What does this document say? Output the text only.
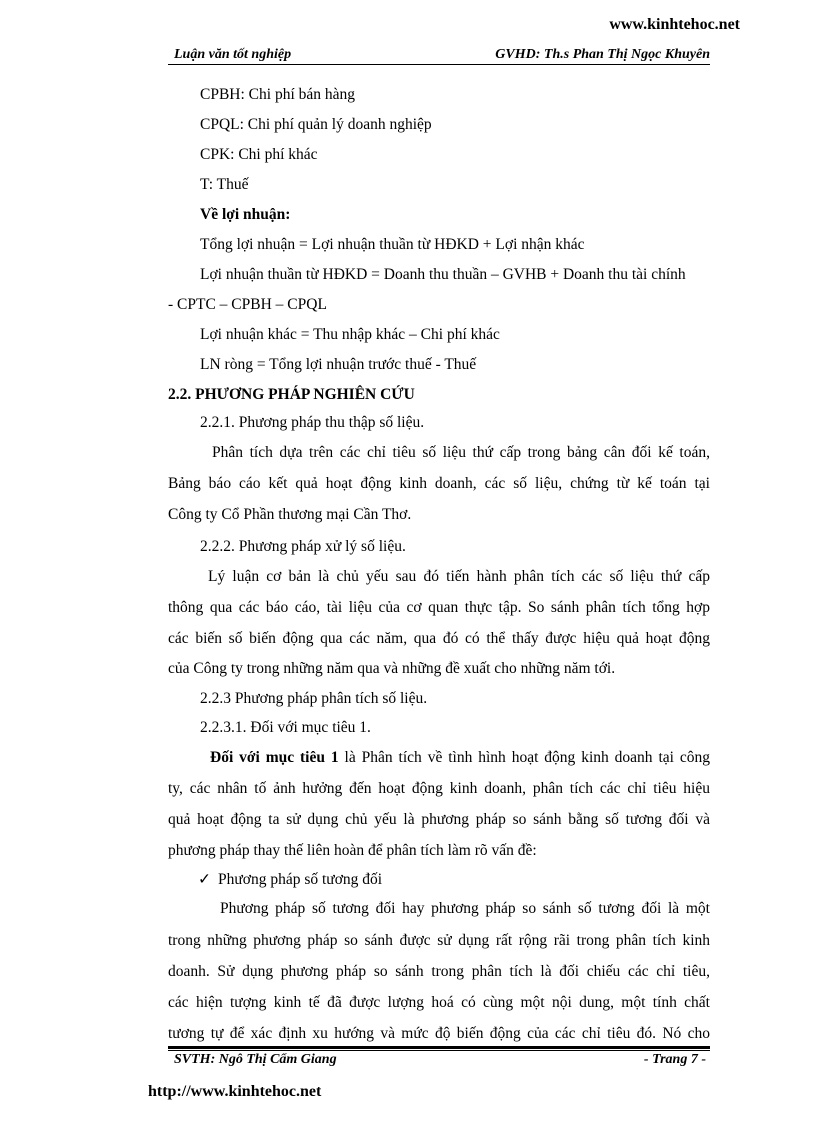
www.kinhtehoc.net
Luận văn tốt nghiệp	GVHD: Th.s Phan Thị Ngọc Khuyên
CPBH: Chi phí bán hàng
CPQL: Chi phí quản lý doanh nghiệp
CPK: Chi phí khác
T: Thuế
Về lợi nhuận:
Tổng lợi nhuận = Lợi nhuận thuần từ HĐKD + Lợi nhận khác
Lợi nhuận thuần từ HĐKD = Doanh thu thuần – GVHB + Doanh thu tài chính
- CPTC – CPBH – CPQL
Lợi nhuận khác = Thu nhập khác – Chi phí khác
LN ròng = Tổng lợi nhuận trước thuế - Thuế
2.2. PHƯƠNG PHÁP NGHIÊN CỨU
2.2.1. Phương pháp thu thập số liệu.
Phân tích dựa trên các chỉ tiêu số liệu thứ cấp trong bảng cân đối kế toán,
Bảng báo cáo kết quả hoạt động kinh doanh, các số liệu, chứng từ kế toán tại
Công ty Cổ Phần thương mại Cần Thơ.
2.2.2. Phương pháp xử lý số liệu.
Lý luận cơ bản là chủ yếu sau đó tiến hành phân tích các số liệu thứ cấp
thông qua các báo cáo, tài liệu của cơ quan thực tập. So sánh phân tích tổng hợp
các biến số biến động qua các năm, qua đó có thể thấy được hiệu quả hoạt động
của Công ty trong những năm qua và những đề xuất cho những năm tới.
2.2.3 Phương pháp phân tích số liệu.
2.2.3.1. Đối với mục tiêu 1.
Đối với mục tiêu 1 là Phân tích về tình hình hoạt động kinh doanh tại công
ty, các nhân tố ảnh hưởng đến hoạt động kinh doanh, phân tích các chỉ tiêu hiệu
quả hoạt động ta sử dụng chủ yếu là phương pháp so sánh bằng số tương đối và
phương pháp thay thế liên hoàn để phân tích làm rõ vấn đề:
✓ Phương pháp số tương đối
Phương pháp số tương đối hay phương pháp so sánh số tương đối là một
trong những phương pháp so sánh được sử dụng rất rộng rãi trong phân tích kinh
doanh. Sử dụng phương pháp so sánh trong phân tích là đối chiếu các chỉ tiêu,
các hiện tượng kinh tế đã được lượng hoá có cùng một nội dung, một tính chất
tương tự để xác định xu hướng và mức độ biến động của các chỉ tiêu đó. Nó cho
SVTH: Ngô Thị Cẩm Giang	- Trang 7 -
http://www.kinhtehoc.net
